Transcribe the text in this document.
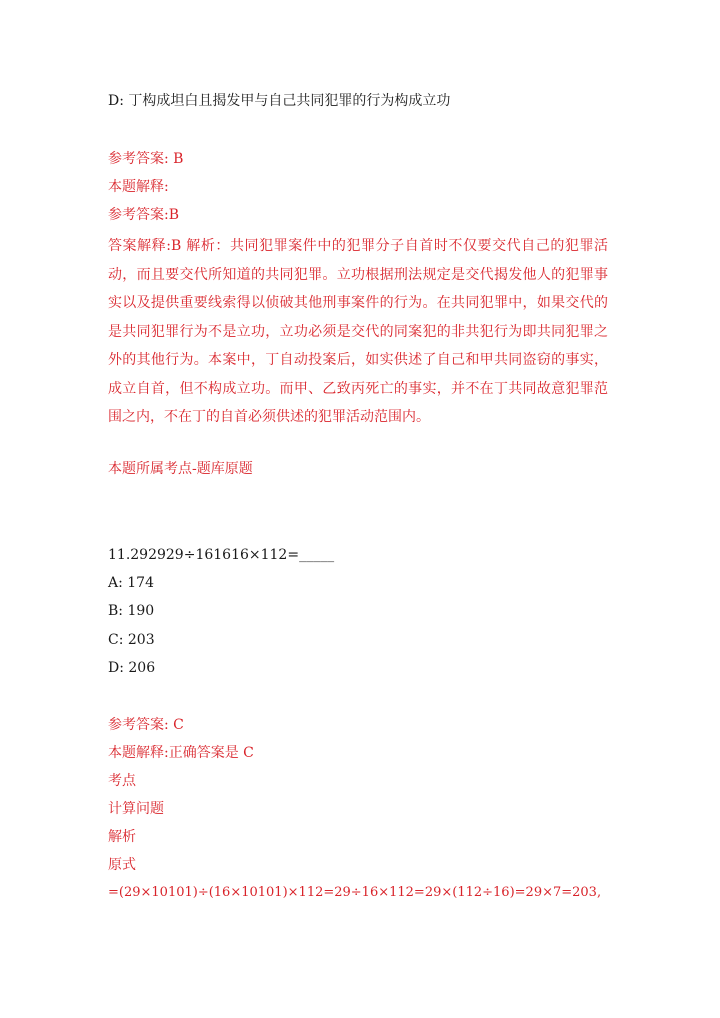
D: 丁构成坦白且揭发甲与自己共同犯罪的行为构成立功
参考答案: B
本题解释:
参考答案:B
答案解释:B 解析：共同犯罪案件中的犯罪分子自首时不仅要交代自己的犯罪活动，而且要交代所知道的共同犯罪。立功根据刑法规定是交代揭发他人的犯罪事实以及提供重要线索得以侦破其他刑事案件的行为。在共同犯罪中，如果交代的是共同犯罪行为不是立功，立功必须是交代的同案犯的非共犯行为即共同犯罪之外的其他行为。本案中，丁自动投案后，如实供述了自己和甲共同盗窃的事实，成立自首，但不构成立功。而甲、乙致丙死亡的事实，并不在丁共同故意犯罪范围之内，不在丁的自首必须供述的犯罪活动范围内。
本题所属考点-题库原题
11.292929÷161616×112=_____
A: 174
B: 190
C: 203
D: 206
参考答案: C
本题解释:正确答案是 C
考点
计算问题
解析
原式
=(29×10101)÷(16×10101)×112=29÷16×112=29×(112÷16)=29×7=203,
